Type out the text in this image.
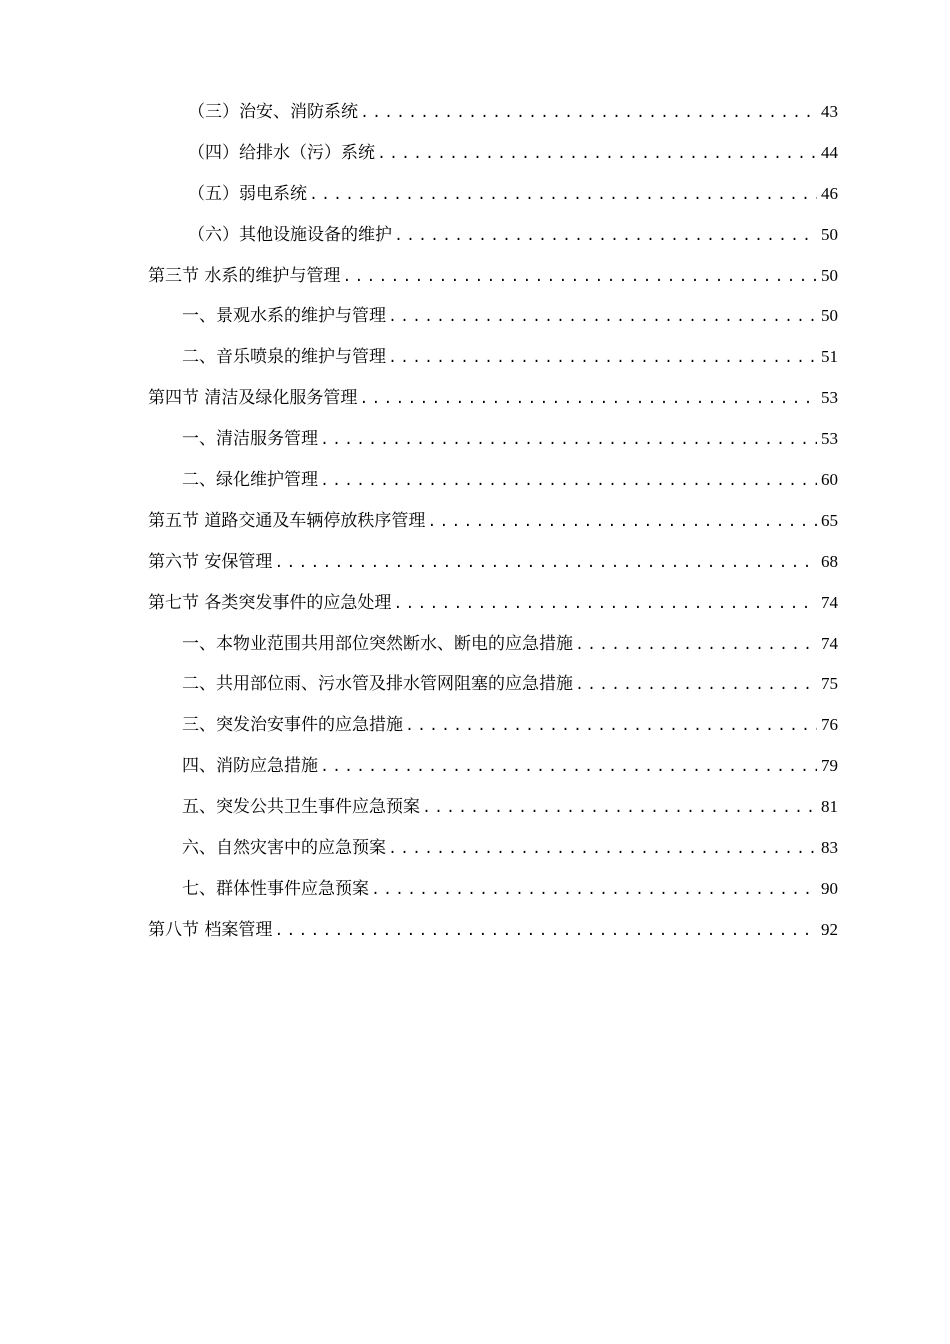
（三）治安、消防系统 .....	43
（四）给排水（污）系统 .....	44
（五）弱电系统 .....	46
（六）其他设施设备的维护 .....	50
第三节 水系的维护与管理 .....	50
一、景观水系的维护与管理 .....	50
二、音乐喷泉的维护与管理 .....	51
第四节 清洁及绿化服务管理 .....	53
一、清洁服务管理 .....	53
二、绿化维护管理 .....	60
第五节 道路交通及车辆停放秩序管理 .....	65
第六节 安保管理 .....	68
第七节 各类突发事件的应急处理 .....	74
一、本物业范围共用部位突然断水、断电的应急措施 .....	74
二、共用部位雨、污水管及排水管网阻塞的应急措施 .....	75
三、突发治安事件的应急措施 .....	76
四、消防应急措施 .....	79
五、突发公共卫生事件应急预案 .....	81
六、自然灾害中的应急预案 .....	83
七、群体性事件应急预案 .....	90
第八节 档案管理 .....	92
